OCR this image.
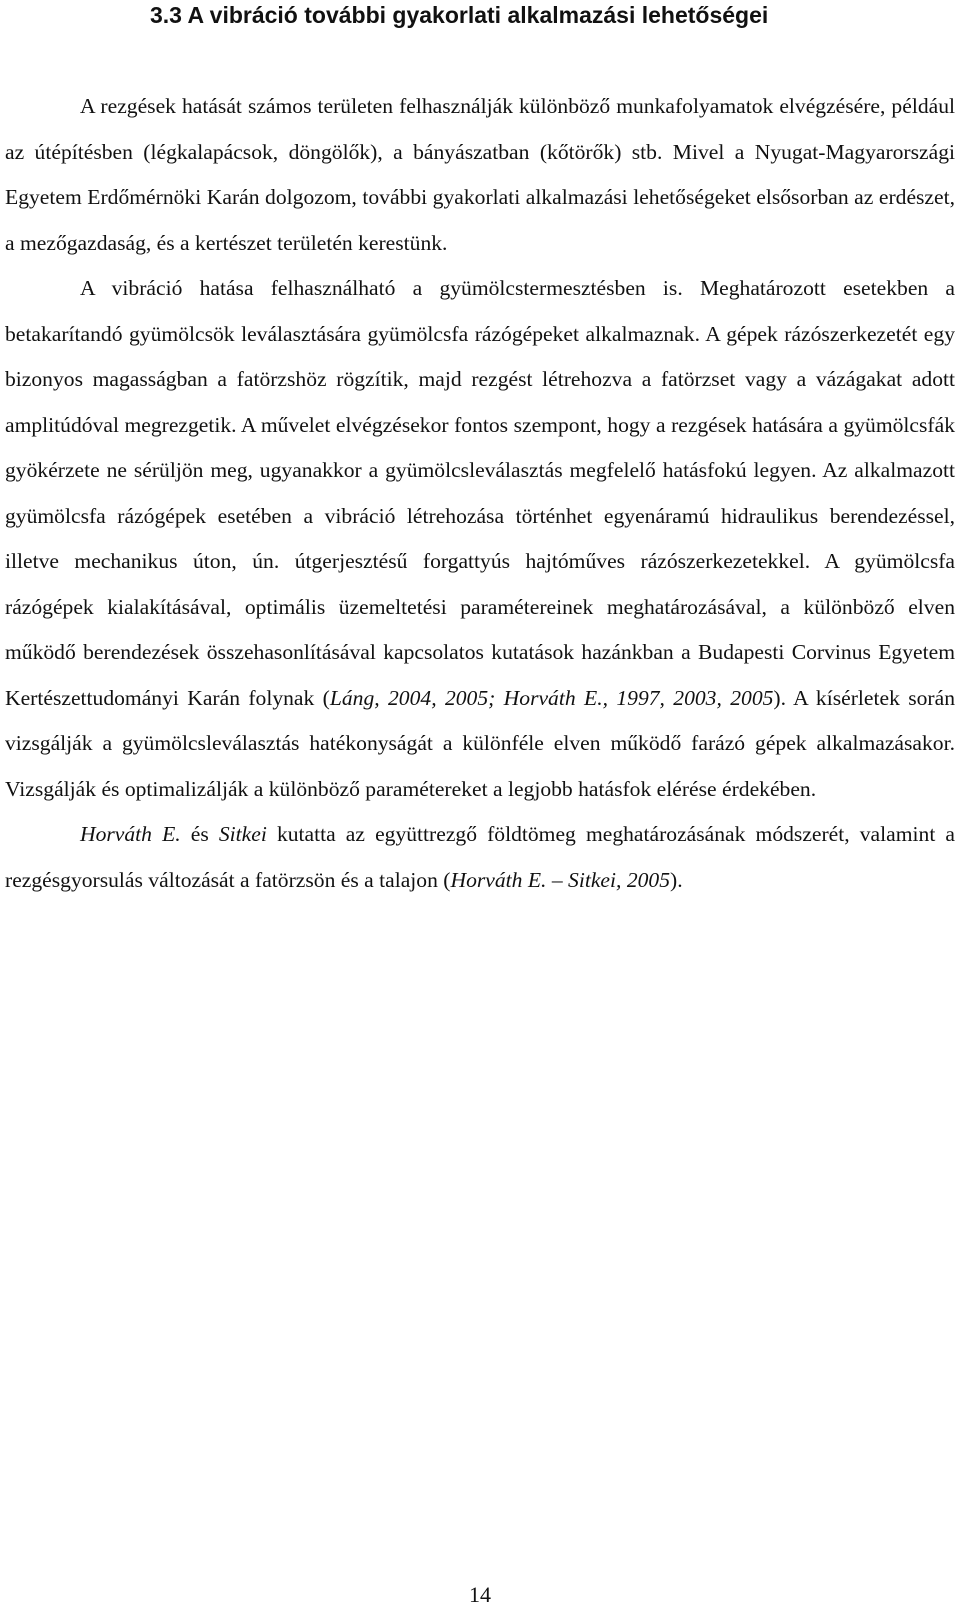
3.3 A vibráció további gyakorlati alkalmazási lehetőségei

A rezgések hatását számos területen felhasználják különböző munkafolyamatok elvégzésére, például az útépítésben (légkalapácsok, döngölők), a bányászatban (kőtörők) stb. Mivel a Nyugat-Magyarországi Egyetem Erdőmérnöki Karán dolgozom, további gyakorlati alkalmazási lehetőségeket elsősorban az erdészet, a mezőgazdaság, és a kertészet területén kerestünk.

A vibráció hatása felhasználható a gyümölcstermesztésben is. Meghatározott esetekben a betakarítandó gyümölcsök leválasztására gyümölcsfa rázógépeket alkalmaznak. A gépek rázószerkezetét egy bizonyos magasságban a fatörzshöz rögzítik, majd rezgést létrehozva a fatörzset vagy a vázágakat adott amplitúdóval megrezgetik. A művelet elvégzésekor fontos szempont, hogy a rezgések hatására a gyümölcsfák gyökérzete ne sérüljön meg, ugyanakkor a gyümölcsleválasztás megfelelő hatásfokú legyen. Az alkalmazott gyümölcsfa rázógépek esetében a vibráció létrehozása történhet egyenáramú hidraulikus berendezéssel, illetve mechanikus úton, ún. útgerjesztésű forgattyús hajtóműves rázószerkezetekkel. A gyümölcsfa rázógépek kialakításával, optimális üzemeltetési paramétereinek meghatározásával, a különböző elven működő berendezések összehasonlításával kapcsolatos kutatások hazánkban a Budapesti Corvinus Egyetem Kertészettudományi Karán folynak (Láng, 2004, 2005; Horváth E., 1997, 2003, 2005). A kísérletek során vizsgálják a gyümölcsleválasztás hatékonyságát a különféle elven működő farázó gépek alkalmazásakor. Vizsgálják és optimalizálják a különböző paramétereket a legjobb hatásfok elérése érdekében.

Horváth E. és Sitkei kutatta az együttrezgő földtömeg meghatározásának módszerét, valamint a rezgésgyorsulás változását a fatörzsön és a talajon (Horváth E. – Sitkei, 2005).

14
